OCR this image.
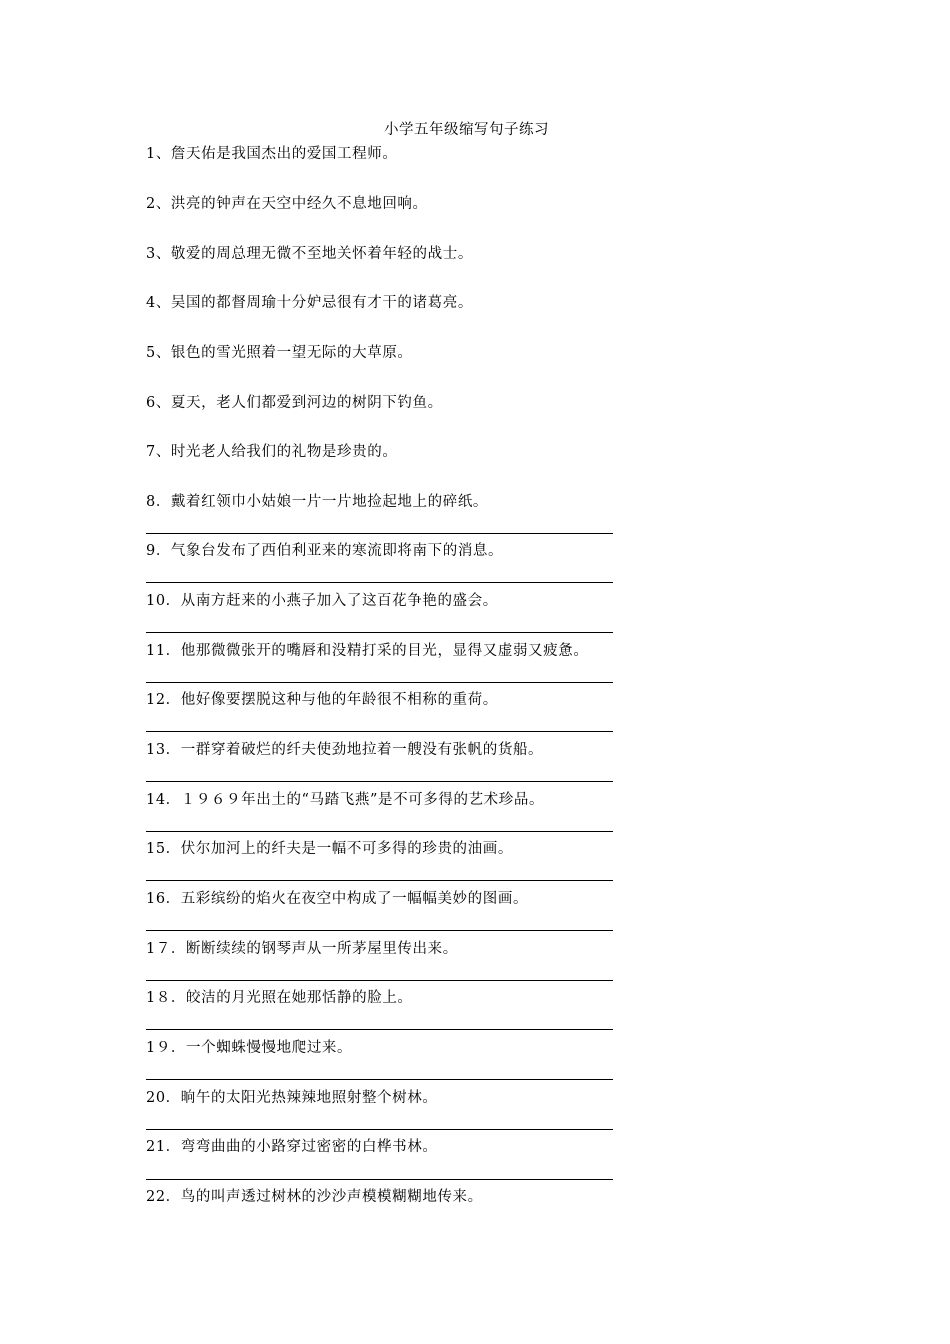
小学五年级缩写句子练习
1、詹天佑是我国杰出的爱国工程师。
2、洪亮的钟声在天空中经久不息地回响。
3、敬爱的周总理无微不至地关怀着年轻的战士。
4、吴国的都督周瑜十分妒忌很有才干的诸葛亮。
5、银色的雪光照着一望无际的大草原。
6、夏天，老人们都爱到河边的树阴下钓鱼。
7、时光老人给我们的礼物是珍贵的。
8．戴着红领巾小姑娘一片一片地捡起地上的碎纸。
9．气象台发布了西伯利亚来的寒流即将南下的消息。
10．从南方赶来的小燕子加入了这百花争艳的盛会。
11．他那微微张开的嘴唇和没精打采的目光，显得又虚弱又疲惫。
12．他好像要摆脱这种与他的年龄很不相称的重荷。
13．一群穿着破烂的纤夫使劲地拉着一艘没有张帆的货船。
14．１９６９年出土的“马踏飞燕”是不可多得的艺术珍品。
15．伏尔加河上的纤夫是一幅不可多得的珍贵的油画。
16．五彩缤纷的焰火在夜空中构成了一幅幅美妙的图画。
1７．断断续续的钢琴声从一所茅屋里传出来。
1８．皎洁的月光照在她那恬静的脸上。
1９．一个蜘蛛慢慢地爬过来。
20．晌午的太阳光热辣辣地照射整个树林。
21．弯弯曲曲的小路穿过密密的白桦书林。
22．鸟的叫声透过树林的沙沙声模模糊糊地传来。
